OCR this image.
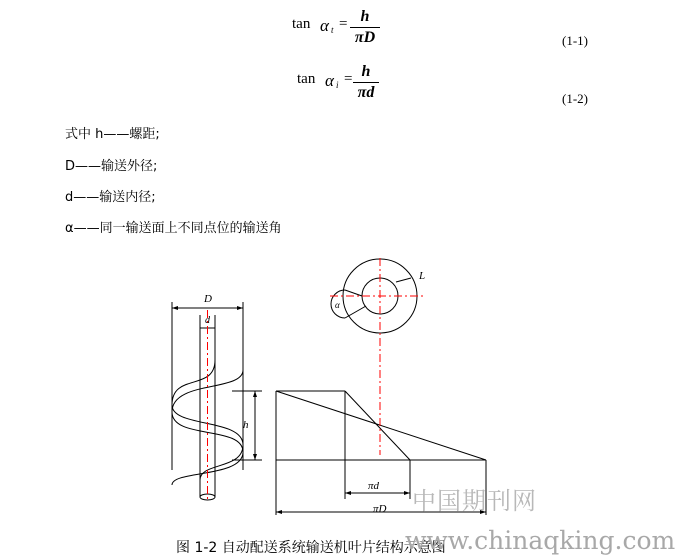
tan α t = h
πD	(1-1)
tan α i = h
πd	(1-2)
式中 h——螺距;
D——输送外径;
d——输送内径;
α——同一输送面上不同点位的输送角
D
d
h
L
α
πd
πD 中国期刊网
图 1-2 自动配送系统输送机叶片结构示意图
www.chinaqking.com
